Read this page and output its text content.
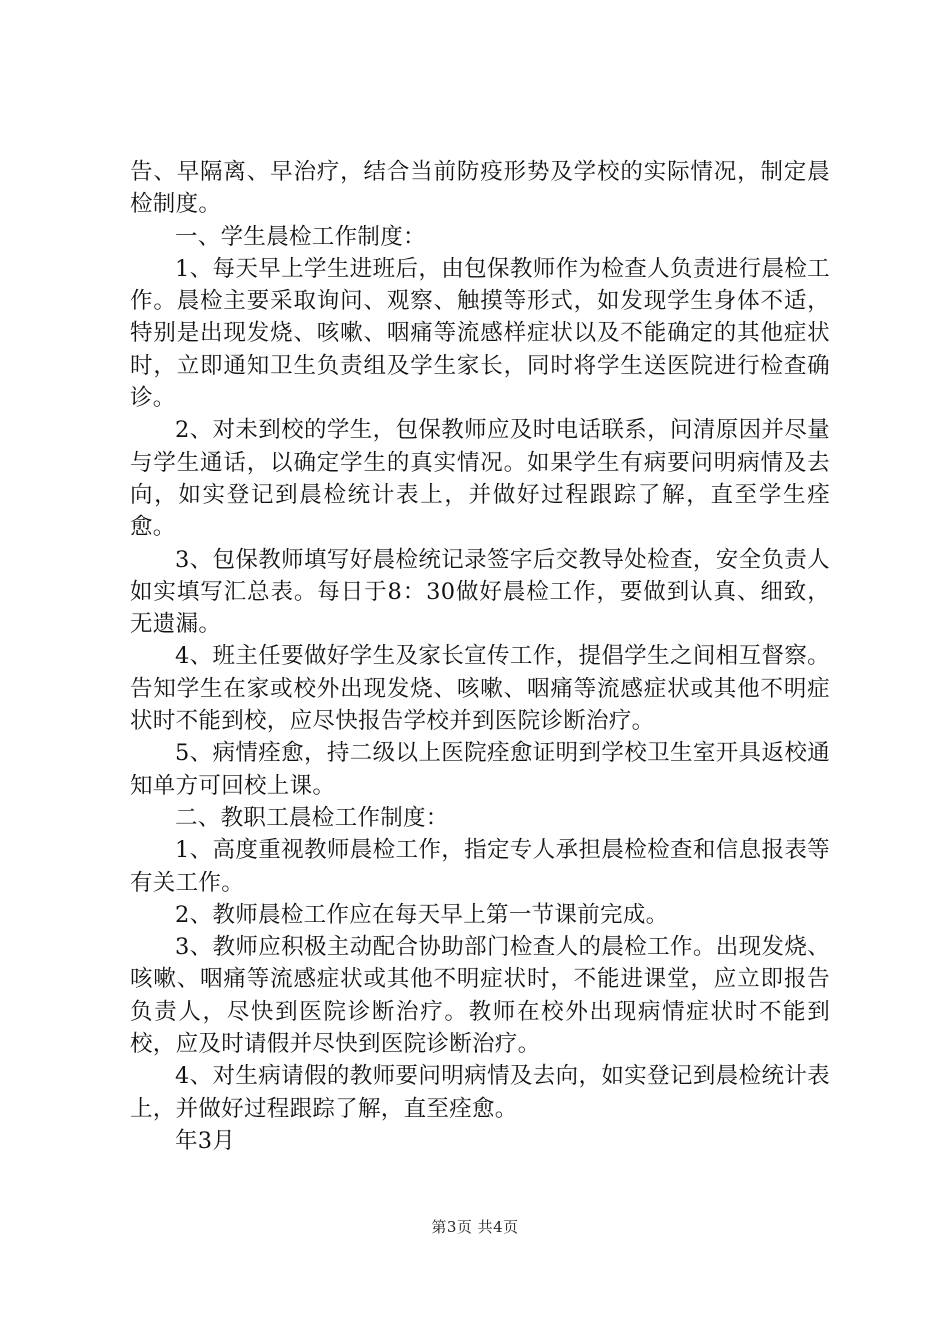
告、早隔离、早治疗，结合当前防疫形势及学校的实际情况，制定晨检制度。

一、学生晨检工作制度：

1、每天早上学生进班后，由包保教师作为检查人负责进行晨检工作。晨检主要采取询问、观察、触摸等形式，如发现学生身体不适，特别是出现发烧、咳嗽、咽痛等流感样症状以及不能确定的其他症状时，立即通知卫生负责组及学生家长，同时将学生送医院进行检查确诊。

2、对未到校的学生，包保教师应及时电话联系，问清原因并尽量与学生通话，以确定学生的真实情况。如果学生有病要问明病情及去向，如实登记到晨检统计表上，并做好过程跟踪了解，直至学生痊愈。

3、包保教师填写好晨检统记录签字后交教导处检查，安全负责人如实填写汇总表。每日于8：30做好晨检工作，要做到认真、细致，无遗漏。

4、班主任要做好学生及家长宣传工作，提倡学生之间相互督察。告知学生在家或校外出现发烧、咳嗽、咽痛等流感症状或其他不明症状时不能到校，应尽快报告学校并到医院诊断治疗。

5、病情痊愈，持二级以上医院痊愈证明到学校卫生室开具返校通知单方可回校上课。

二、教职工晨检工作制度：

1、高度重视教师晨检工作，指定专人承担晨检检查和信息报表等有关工作。

2、教师晨检工作应在每天早上第一节课前完成。

3、教师应积极主动配合协助部门检查人的晨检工作。出现发烧、咳嗽、咽痛等流感症状或其他不明症状时，不能进课堂，应立即报告负责人，尽快到医院诊断治疗。教师在校外出现病情症状时不能到校，应及时请假并尽快到医院诊断治疗。

4、对生病请假的教师要问明病情及去向，如实登记到晨检统计表上，并做好过程跟踪了解，直至痊愈。

年3月

第3页 共4页
